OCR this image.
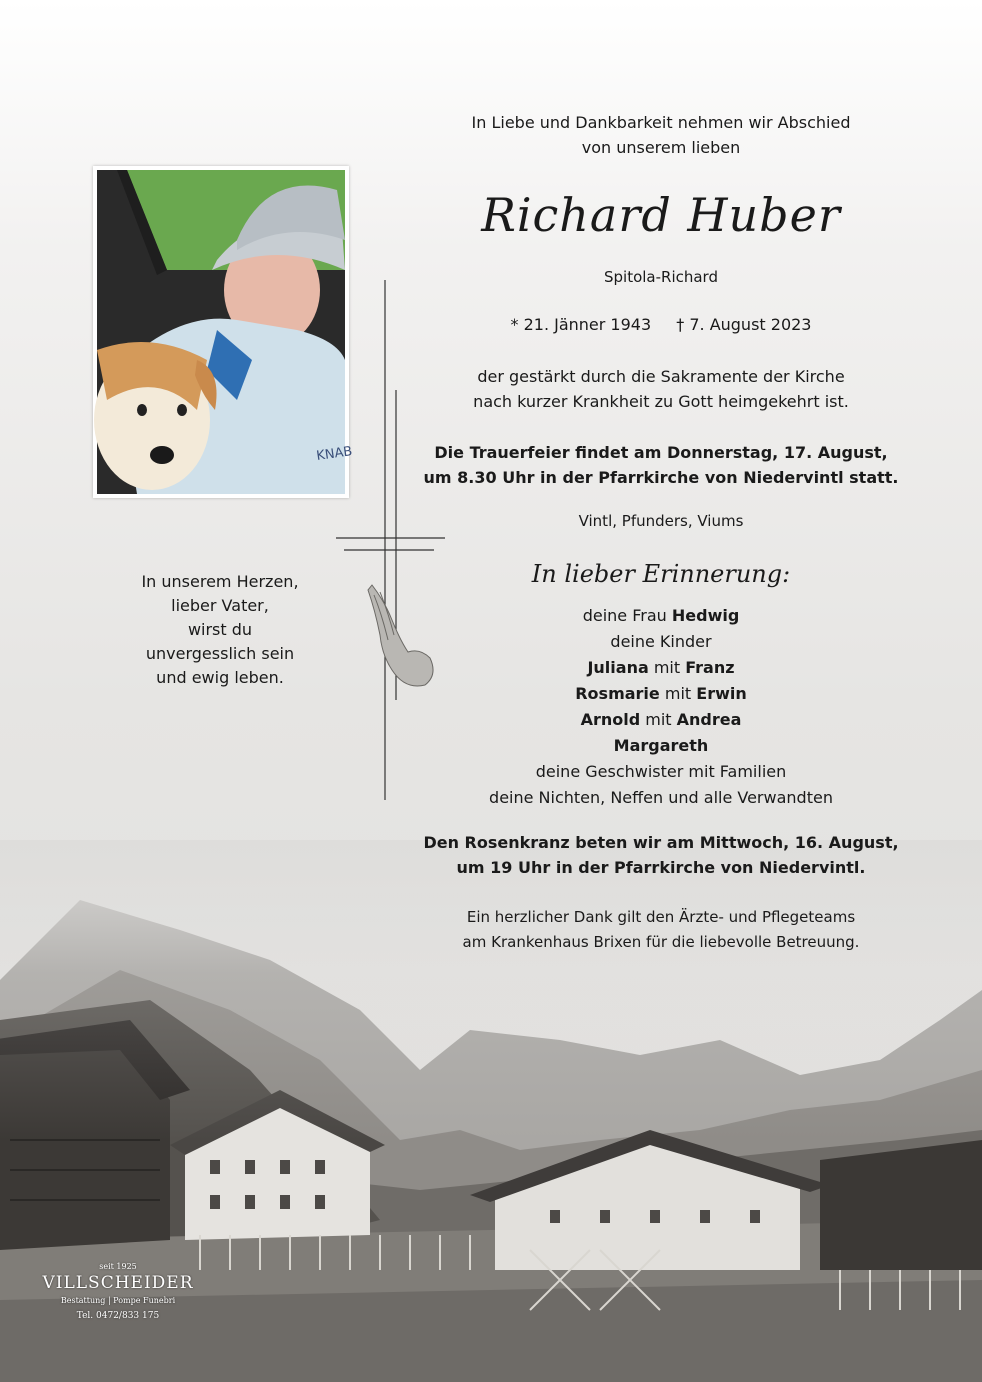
KNAB
In Liebe und Dankbarkeit nehmen wir Abschied
von unserem lieben
Richard Huber
Spitola-Richard
* 21. Jänner 1943 † 7. August 2023
der gestärkt durch die Sakramente der Kirche
nach kurzer Krankheit zu Gott heimgekehrt ist.
Die Trauerfeier findet am Donnerstag, 17. August,
um 8.30 Uhr in der Pfarrkirche von Niedervintl statt.
Vintl, Pfunders, Viums
In lieber Erinnerung:
deine Frau Hedwig
deine Kinder
Juliana mit Franz
Rosmarie mit Erwin
Arnold mit Andrea
Margareth
deine Geschwister mit Familien
deine Nichten, Neffen und alle Verwandten
Den Rosenkranz beten wir am Mittwoch, 16. August,
um 19 Uhr in der Pfarrkirche von Niedervintl.
Ein herzlicher Dank gilt den Ärzte- und Pflegeteams
am Krankenhaus Brixen für die liebevolle Betreuung.
In unserem Herzen,
lieber Vater,
wirst du
unvergesslich sein
und ewig leben.
seit 1925
VILLSCHEIDER
Bestattung | Pompe Funebri
Tel. 0472/833 175
